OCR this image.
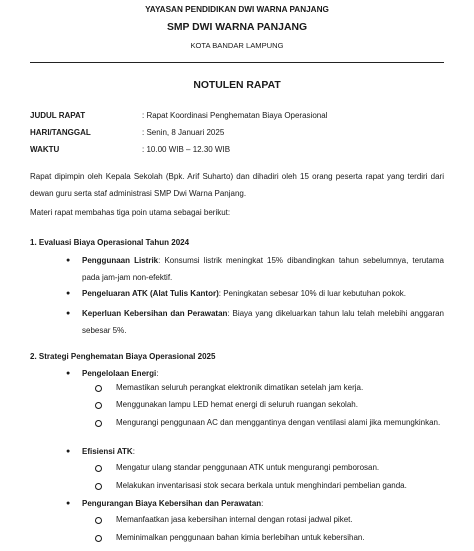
YAYASAN PENDIDIKAN DWI WARNA PANJANG
SMP DWI WARNA PANJANG
KOTA BANDAR LAMPUNG
NOTULEN RAPAT
JUDUL RAPAT	: Rapat Koordinasi Penghematan Biaya Operasional
HARI/TANGGAL	: Senin, 8 Januari 2025
WAKTU	: 10.00 WIB – 12.30 WIB
Rapat dipimpin oleh Kepala Sekolah (Bpk. Arif Suharto) dan dihadiri oleh 15 orang peserta rapat yang terdiri dari dewan guru serta staf administrasi SMP Dwi Warna Panjang.
Materi rapat membahas tiga poin utama sebagai berikut:
1. Evaluasi Biaya Operasional Tahun 2024
● Penggunaan Listrik: Konsumsi listrik meningkat 15% dibandingkan tahun sebelumnya, terutama pada jam-jam non-efektif.
● Pengeluaran ATK (Alat Tulis Kantor): Peningkatan sebesar 10% di luar kebutuhan pokok.
● Keperluan Kebersihan dan Perawatan: Biaya yang dikeluarkan tahun lalu telah melebihi anggaran sebesar 5%.
2. Strategi Penghematan Biaya Operasional 2025
● Pengelolaan Energi:
Memastikan seluruh perangkat elektronik dimatikan setelah jam kerja.
Menggunakan lampu LED hemat energi di seluruh ruangan sekolah.
Mengurangi penggunaan AC dan menggantinya dengan ventilasi alami jika memungkinkan.
● Efisiensi ATK:
Mengatur ulang standar penggunaan ATK untuk mengurangi pemborosan.
Melakukan inventarisasi stok secara berkala untuk menghindari pembelian ganda.
● Pengurangan Biaya Kebersihan dan Perawatan:
Memanfaatkan jasa kebersihan internal dengan rotasi jadwal piket.
Meminimalkan penggunaan bahan kimia berlebihan untuk kebersihan.
